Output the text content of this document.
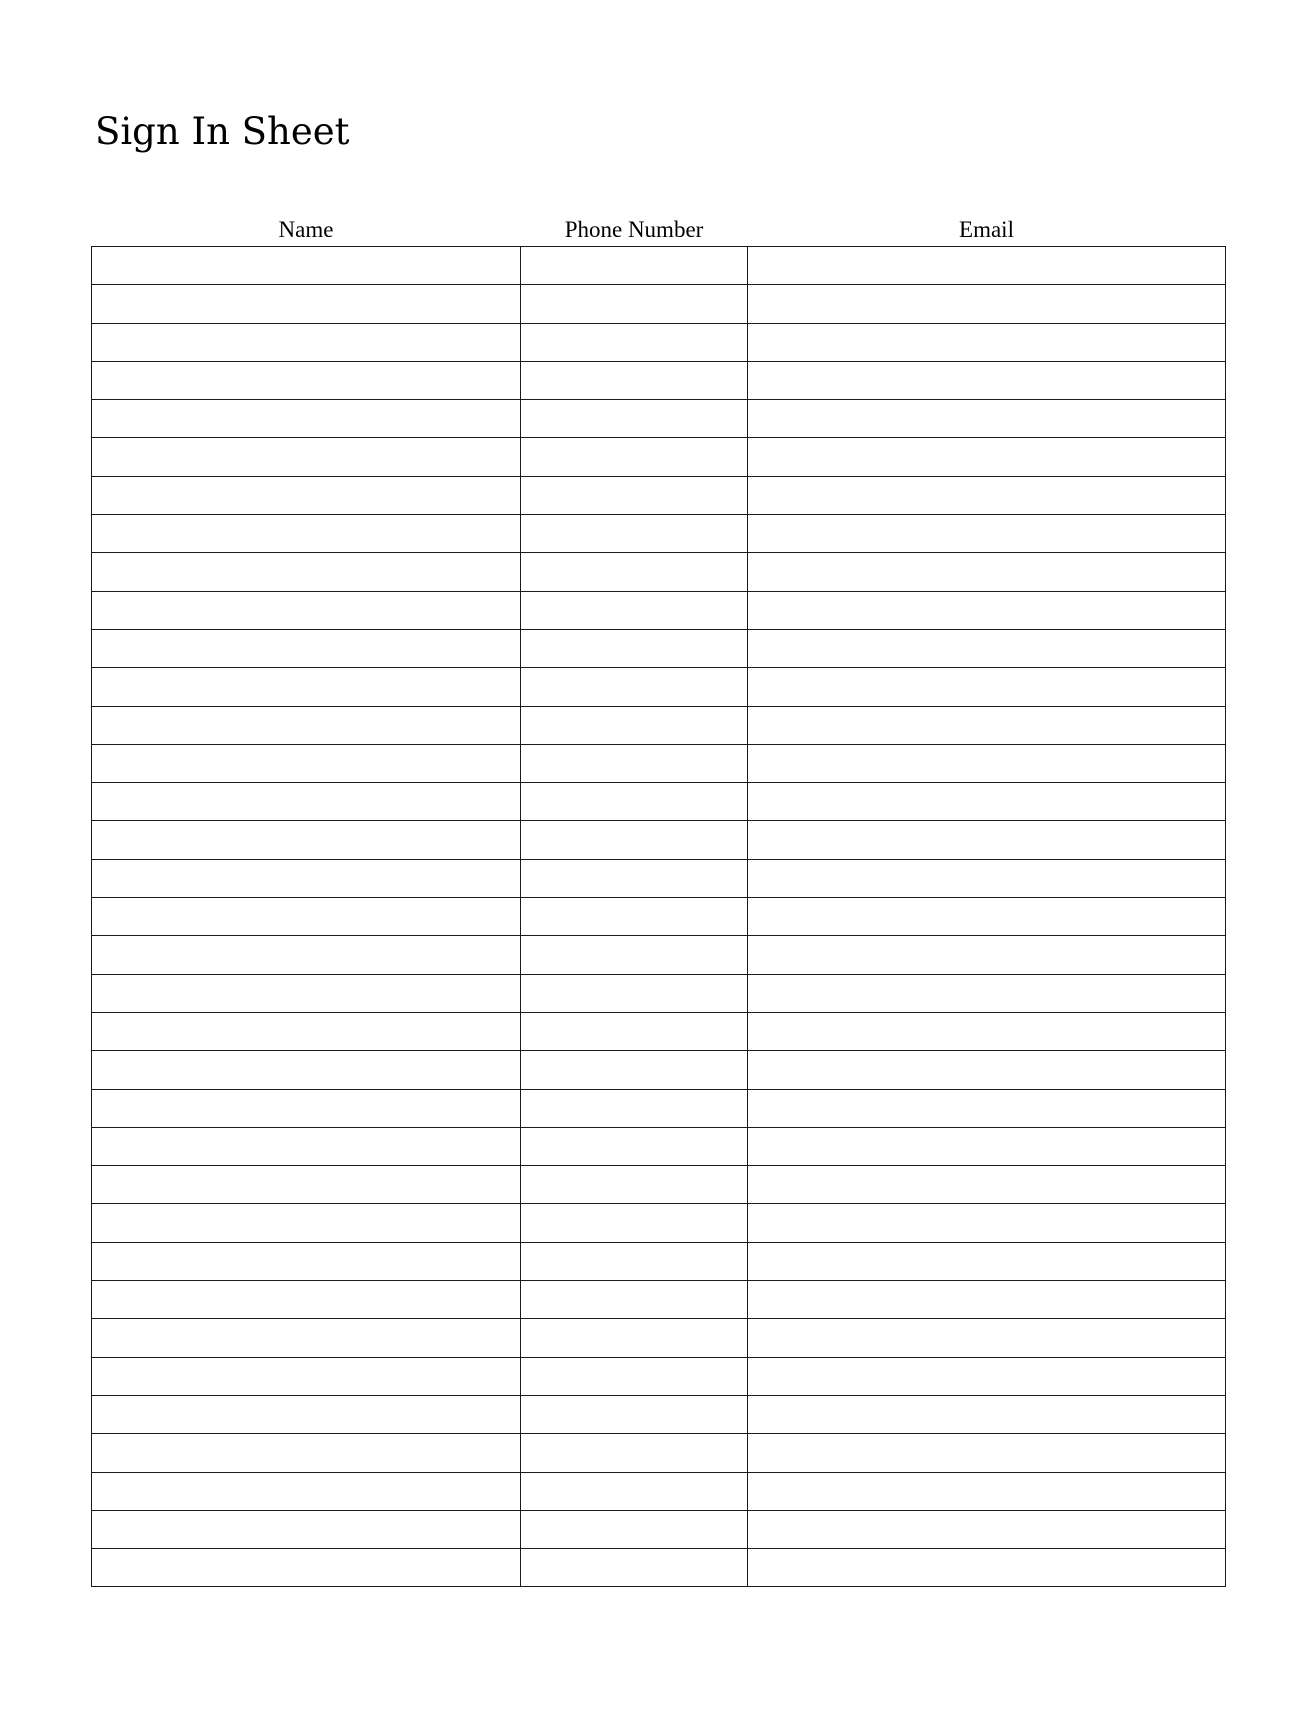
Sign In Sheet
Name	Phone Number	Email
